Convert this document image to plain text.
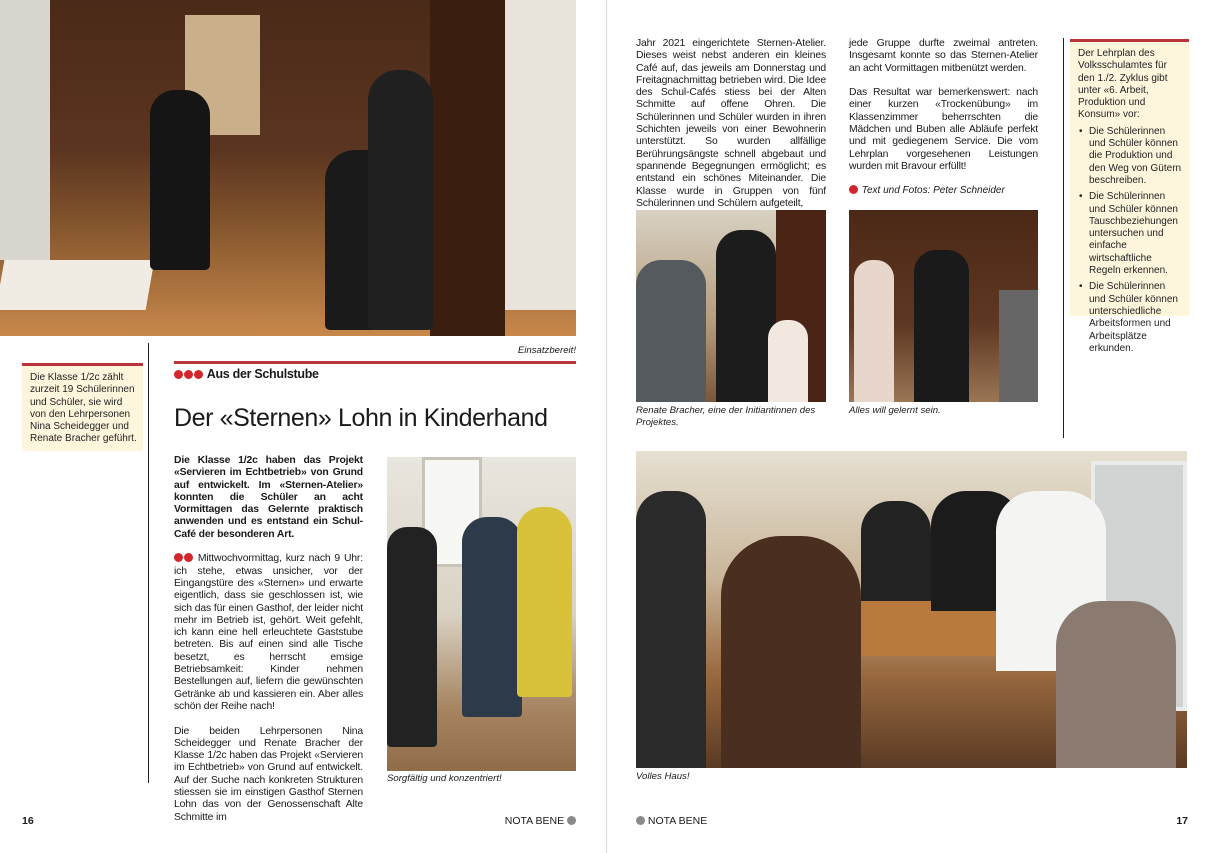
Einsatzbereit!
Die Klasse 1/2c zählt zurzeit 19 Schülerinnen und Schüler, sie wird von den Lehrpersonen Nina Scheidegger und Renate Bracher geführt.
Aus der Schulstube
Der «Sternen» Lohn in Kinderhand

Die Klasse 1/2c haben das Projekt «Servieren im Echtbetrieb» von Grund auf entwickelt. Im «Sternen-Atelier» konnten die Schüler an acht Vormittagen das Gelernte praktisch anwenden und es entstand ein Schul-Café der besonderen Art.

Mittwochvormittag, kurz nach 9 Uhr: ich stehe, etwas unsicher, vor der Eingangstüre des «Sternen» und erwarte eigentlich, dass sie geschlossen ist, wie sich das für einen Gasthof, der leider nicht mehr im Betrieb ist, gehört. Weit gefehlt, ich kann eine hell erleuchtete Gaststube betreten. Bis auf einen sind alle Tische besetzt, es herrscht emsige Betriebsamkeit: Kinder nehmen Bestellungen auf, liefern die gewünschten Getränke ab und kassieren ein. Aber alles schön der Reihe nach!

Die beiden Lehrpersonen Nina Scheidegger und Renate Bracher der Klasse 1/2c haben das Projekt «Servieren im Echtbetrieb» von Grund auf entwickelt. Auf der Suche nach konkreten Strukturen stiessen sie im einstigen Gasthof Sternen Lohn das von der Genossenschaft Alte Schmitte im

Sorgfältig und konzentriert!
16	NOTA BENE
Jahr 2021 eingerichtete Sternen-Atelier. Dieses weist nebst anderen ein kleines Café auf, das jeweils am Donnerstag und Freitagnachmittag betrieben wird. Die Idee des Schul-Cafés stiess bei der Alten Schmitte auf offene Ohren. Die Schülerinnen und Schüler wurden in ihren Schichten jeweils von einer Bewohnerin unterstützt. So wurden allfällige Berührungsängste schnell abgebaut und spannende Begegnungen ermöglicht; es entstand ein schönes Miteinander. Die Klasse wurde in Gruppen von fünf Schülerinnen und Schülern aufgeteilt,

jede Gruppe durfte zweimal antreten. Insgesamt konnte so das Sternen-Atelier an acht Vormittagen mitbenützt werden.

Das Resultat war bemerkenswert: nach einer kurzen «Trockenübung» im Klassenzimmer beherrschten die Mädchen und Buben alle Abläufe perfekt und mit gediegenem Service. Die vom Lehrplan vorgesehenen Leistungen wurden mit Bravour erfüllt!

Text und Fotos: Peter Schneider
Der Lehrplan des Volksschulamtes für den 1./2. Zyklus gibt unter «6. Arbeit, Produktion und Konsum» vor:
• Die Schülerinnen und Schüler können die Produktion und den Weg von Gütern beschreiben.
• Die Schülerinnen und Schüler können Tauschbeziehungen untersuchen und einfache wirtschaftliche Regeln erkennen.
• Die Schülerinnen und Schüler können unterschiedliche Arbeitsformen und Arbeitsplätze erkunden.
Renate Bracher, eine der Initiantinnen des Projektes.
Alles will gelernt sein.
Volles Haus!
NOTA BENE	17
